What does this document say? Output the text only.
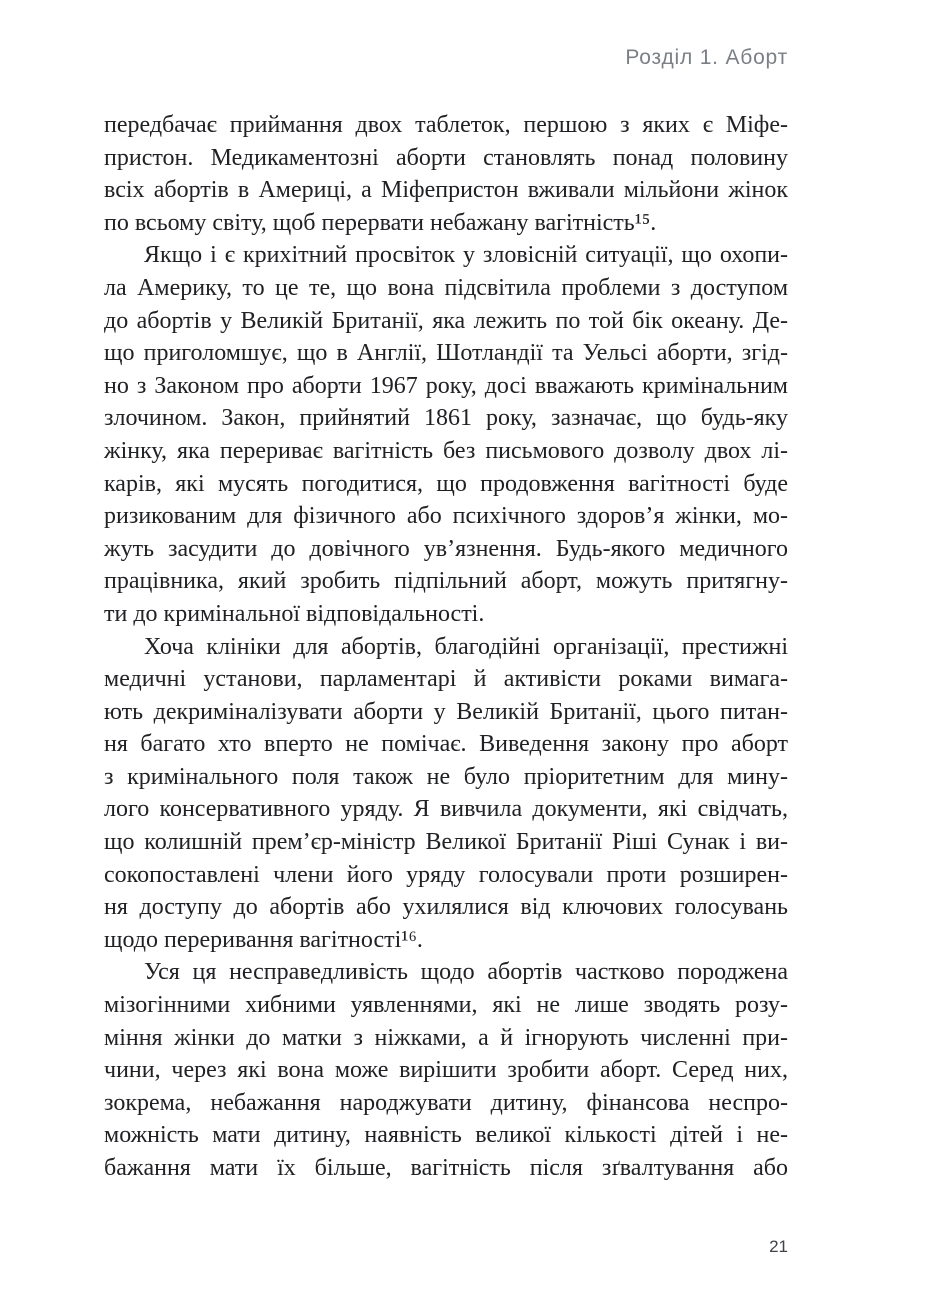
Розділ 1. Аборт
передбачає приймання двох таблеток, першою з яких є Міфе-
пристон. Медикаментозні аборти становлять понад половину
всіх абортів в Америці, а Міфепристон вживали мільйони жінок
по всьому світу, щоб перервати небажану вагітність¹⁵.
Якщо і є крихітний просвіток у зловісній ситуації, що охопи-
ла Америку, то це те, що вона підсвітила проблеми з доступом
до абортів у Великій Британії, яка лежить по той бік океану. Де-
що приголомшує, що в Англії, Шотландії та Уельсі аборти, згід-
но з Законом про аборти 1967 року, досі вважають кримінальним
злочином. Закон, прийнятий 1861 року, зазначає, що будь-яку
жінку, яка перериває вагітність без письмового дозволу двох лі-
карів, які мусять погодитися, що продовження вагітності буде
ризикованим для фізичного або психічного здоров’я жінки, мо-
жуть засудити до довічного ув’язнення. Будь-якого медичного
працівника, який зробить підпільний аборт, можуть притягну-
ти до кримінальної відповідальності.
Хоча клініки для абортів, благодійні організації, престижні
медичні установи, парламентарі й активісти роками вимага-
ють декриміналізувати аборти у Великій Британії, цього питан-
ня багато хто вперто не помічає. Виведення закону про аборт
з кримінального поля також не було пріоритетним для мину-
лого консервативного уряду. Я вивчила документи, які свідчать,
що колишній прем’єр-міністр Великої Британії Ріші Сунак і ви-
сокопоставлені члени його уряду голосували проти розширен-
ня доступу до абортів або ухилялися від ключових голосувань
щодо переривання вагітності¹⁶.
Уся ця несправедливість щодо абортів частково породжена
мізогінними хибними уявленнями, які не лише зводять розу-
міння жінки до матки з ніжками, а й ігнорують численні при-
чини, через які вона може вирішити зробити аборт. Серед них,
зокрема, небажання народжувати дитину, фінансова неспро-
можність мати дитину, наявність великої кількості дітей і не-
бажання мати їх більше, вагітність після зґвалтування або
21
